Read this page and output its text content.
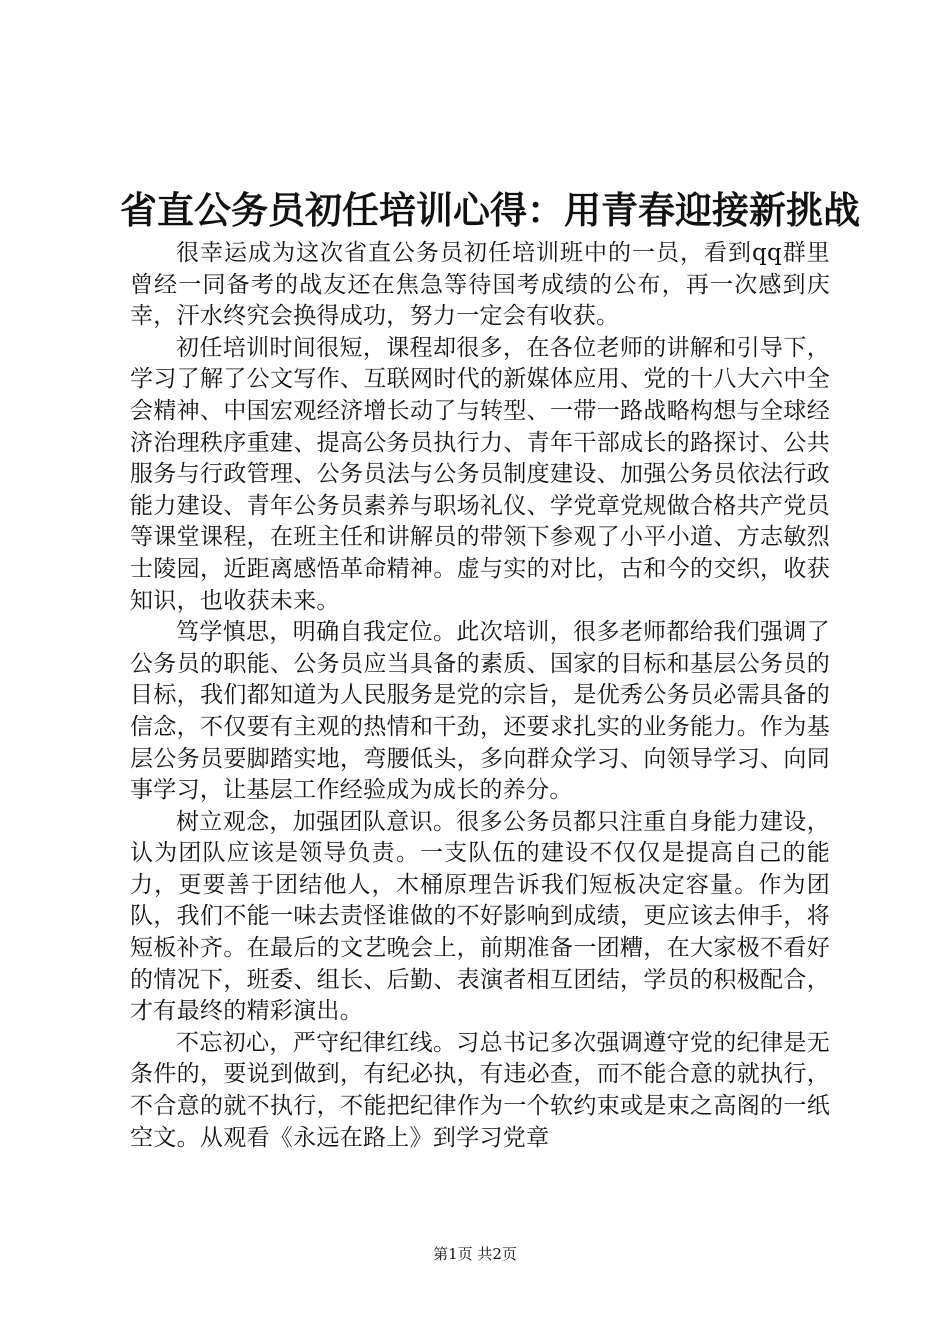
省直公务员初任培训心得：用青春迎接新挑战

很幸运成为这次省直公务员初任培训班中的一员，看到qq群里曾经一同备考的战友还在焦急等待国考成绩的公布，再一次感到庆幸，汗水终究会换得成功，努力一定会有收获。

初任培训时间很短，课程却很多，在各位老师的讲解和引导下，学习了解了公文写作、互联网时代的新媒体应用、党的十八大六中全会精神、中国宏观经济增长动了与转型、一带一路战略构想与全球经济治理秩序重建、提高公务员执行力、青年干部成长的路探讨、公共服务与行政管理、公务员法与公务员制度建设、加强公务员依法行政能力建设、青年公务员素养与职场礼仪、学党章党规做合格共产党员等课堂课程，在班主任和讲解员的带领下参观了小平小道、方志敏烈士陵园，近距离感悟革命精神。虚与实的对比，古和今的交织，收获知识，也收获未来。

笃学慎思，明确自我定位。此次培训，很多老师都给我们强调了公务员的职能、公务员应当具备的素质、国家的目标和基层公务员的目标，我们都知道为人民服务是党的宗旨，是优秀公务员必需具备的信念，不仅要有主观的热情和干劲，还要求扎实的业务能力。作为基层公务员要脚踏实地，弯腰低头，多向群众学习、向领导学习、向同事学习，让基层工作经验成为成长的养分。

树立观念，加强团队意识。很多公务员都只注重自身能力建设，认为团队应该是领导负责。一支队伍的建设不仅仅是提高自己的能力，更要善于团结他人，木桶原理告诉我们短板决定容量。作为团队，我们不能一味去责怪谁做的不好影响到成绩，更应该去伸手，将短板补齐。在最后的文艺晚会上，前期准备一团糟，在大家极不看好的情况下，班委、组长、后勤、表演者相互团结，学员的积极配合，才有最终的精彩演出。

不忘初心，严守纪律红线。习总书记多次强调遵守党的纪律是无条件的，要说到做到，有纪必执，有违必查，而不能合意的就执行，不合意的就不执行，不能把纪律作为一个软约束或是束之高阁的一纸空文。从观看《永远在路上》到学习党章

第1页 共2页
